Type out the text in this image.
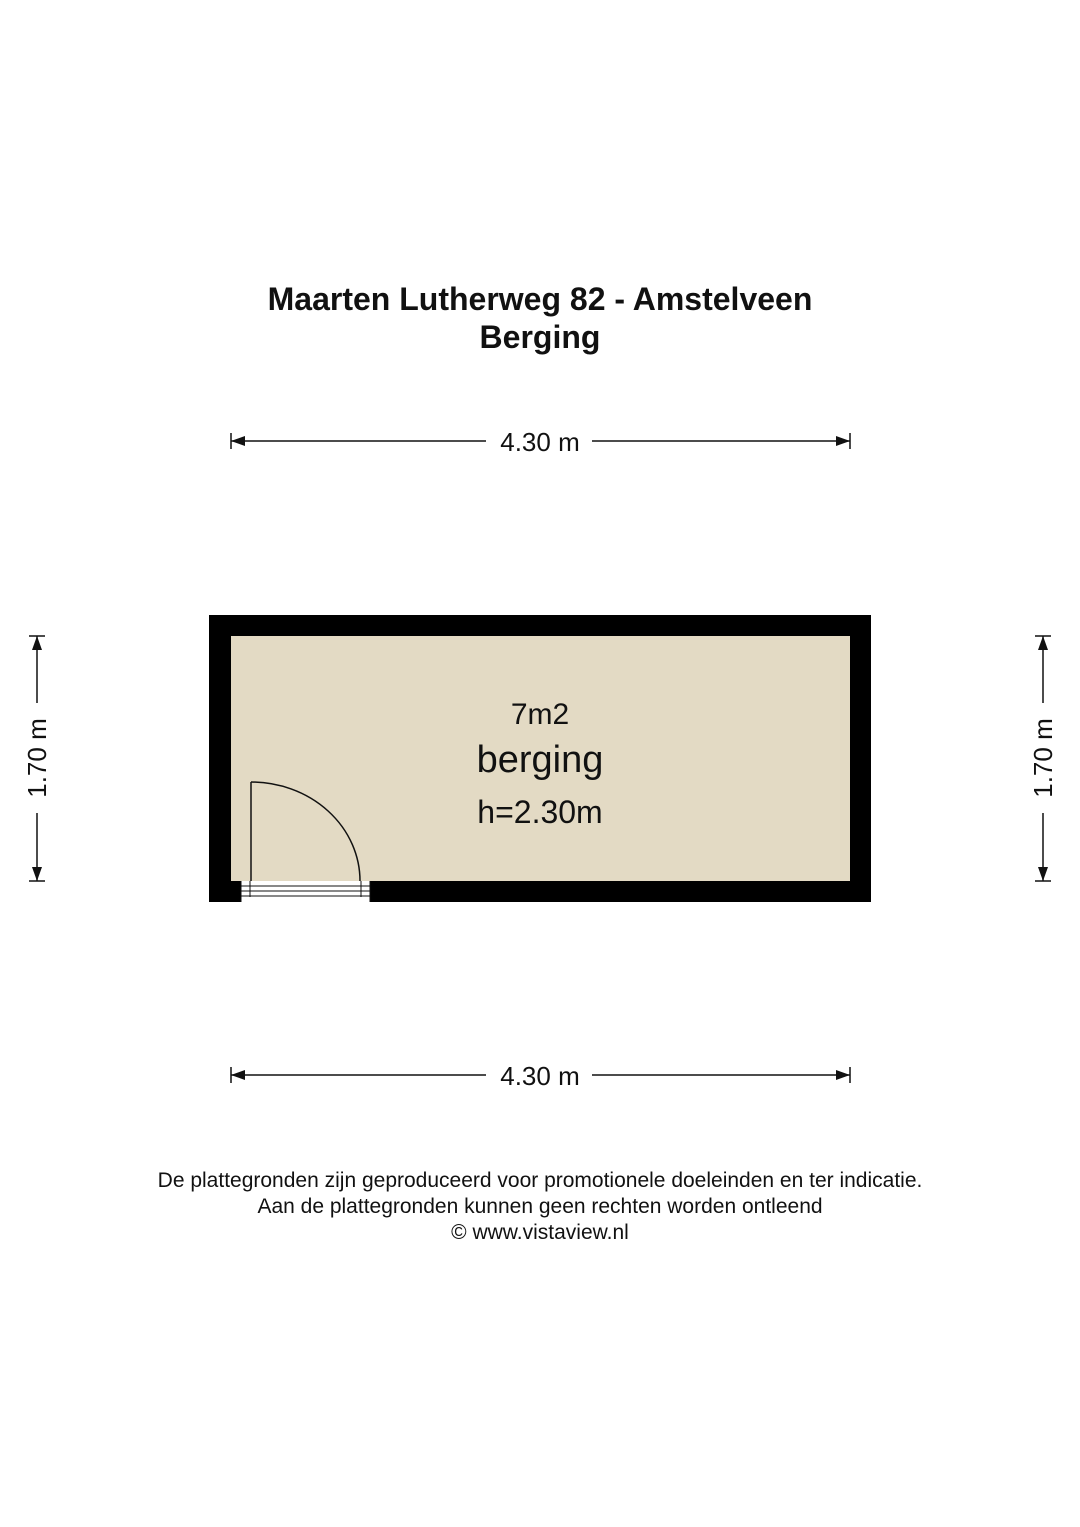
Maarten Lutherweg 82 - Amstelveen
Berging
4.30 m
4.30 m
1.70 m	1.70 m
7m2
berging
h=2.30m
De plattegronden zijn geproduceerd voor promotionele doeleinden en ter indicatie.
Aan de plattegronden kunnen geen rechten worden ontleend
© www.vistaview.nl
